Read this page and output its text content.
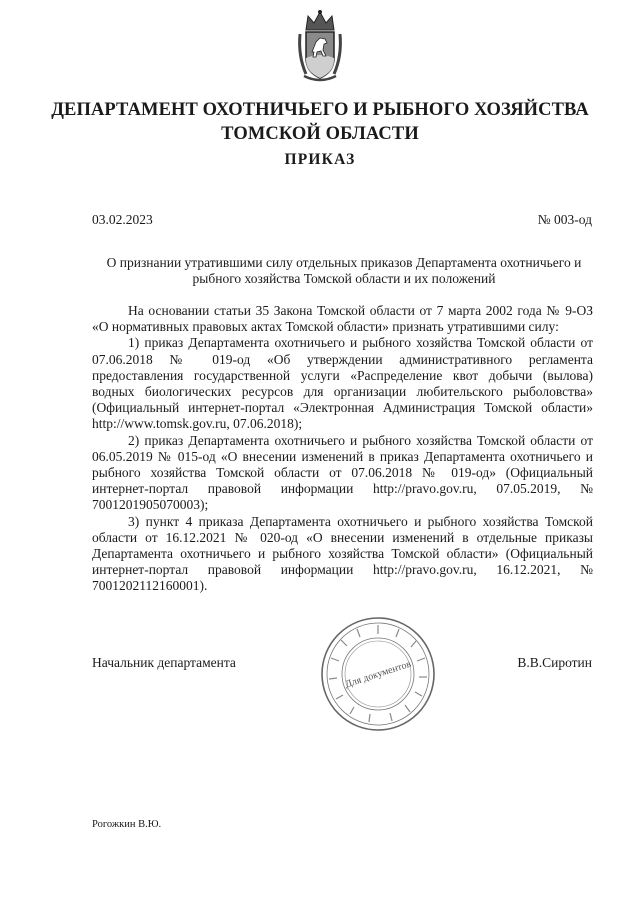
ДЕПАРТАМЕНТ ОХОТНИЧЬЕГО И РЫБНОГО ХОЗЯЙСТВА
ТОМСКОЙ ОБЛАСТИ
ПРИКАЗ
03.02.2023	№ 003-од
О признании утратившими силу отдельных приказов Департамента охотничьего и рыбного хозяйства Томской области и их положений

На основании статьи 35 Закона Томской области от 7 марта 2002 года № 9-ОЗ «О нормативных правовых актах Томской области» признать утратившими силу:

1) приказ Департамента охотничьего и рыбного хозяйства Томской области от 07.06.2018 № 019-од «Об утверждении административного регламента предоставления государственной услуги «Распределение квот добычи (вылова) водных биологических ресурсов для организации любительского рыболовства» (Официальный интернет-портал «Электронная Администрация Томской области» http://www.tomsk.gov.ru, 07.06.2018);

2) приказ Департамента охотничьего и рыбного хозяйства Томской области от 06.05.2019 № 015-од «О внесении изменений в приказ Департамента охотничьего и рыбного хозяйства Томской области от 07.06.2018 № 019-од» (Официальный интернет-портал правовой информации http://pravo.gov.ru, 07.05.2019, № 7001201905070003);

3) пункт 4 приказа Департамента охотничьего и рыбного хозяйства Томской области от 16.12.2021 № 020-од «О внесении изменений в отдельные приказы Департамента охотничьего и рыбного хозяйства Томской области» (Официальный интернет-портал правовой информации http://pravo.gov.ru, 16.12.2021, № 7001202112160001).

Начальник департамента	Для документов	В.В.Сиротин
Рогожкин В.Ю.
